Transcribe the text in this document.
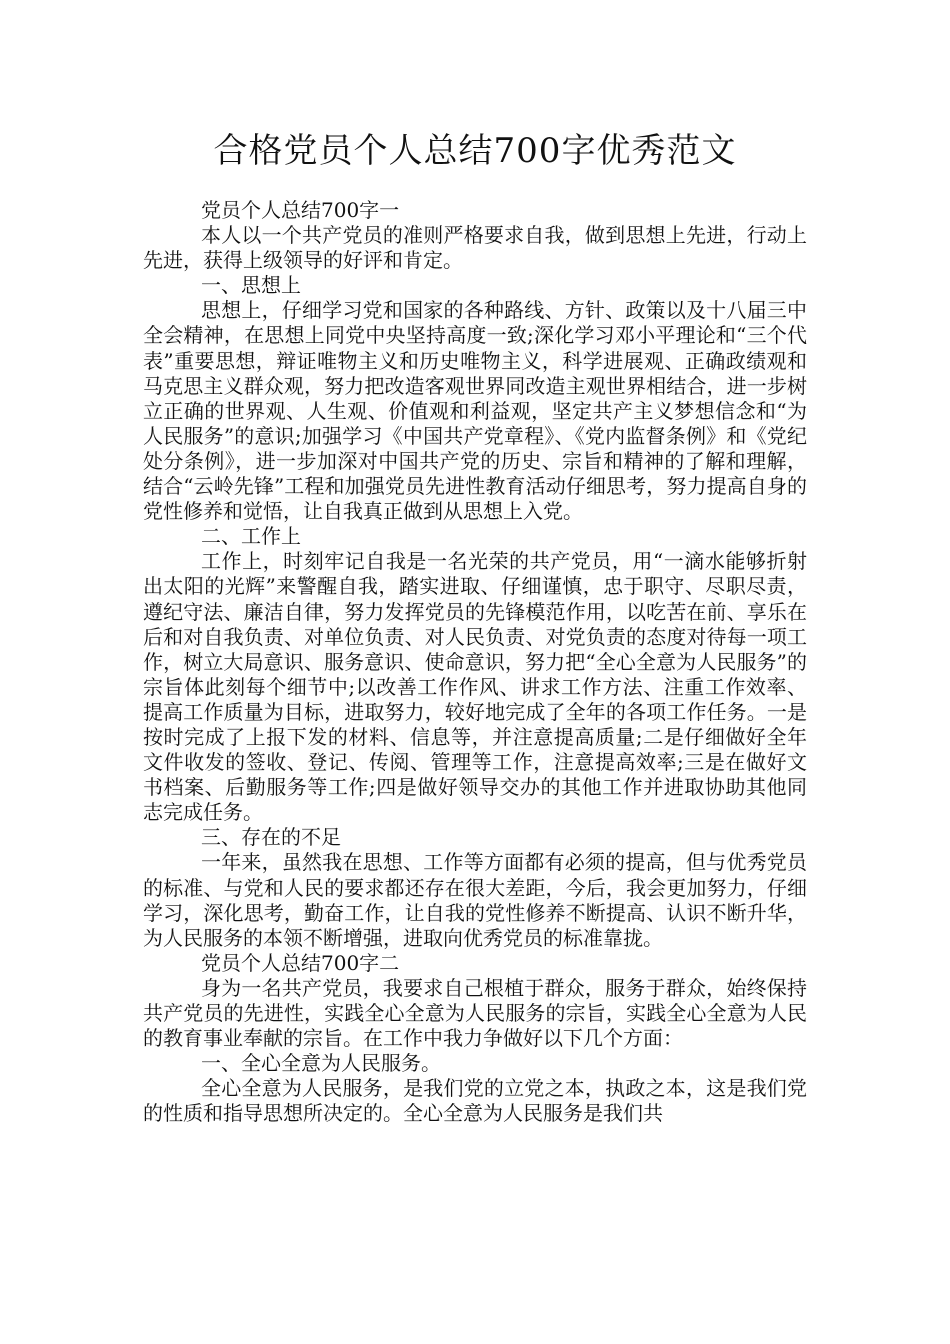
合格党员个人总结700字优秀范文

党员个人总结700字一

本人以一个共产党员的准则严格要求自我，做到思想上先进，行动上先进，获得上级领导的好评和肯定。

一、思想上

思想上，仔细学习党和国家的各种路线、方针、政策以及十八届三中全会精神，在思想上同党中央坚持高度一致;深化学习邓小平理论和“三个代表”重要思想，辩证唯物主义和历史唯物主义，科学进展观、正确政绩观和马克思主义群众观，努力把改造客观世界同改造主观世界相结合，进一步树立正确的世界观、人生观、价值观和利益观，坚定共产主义梦想信念和“为人民服务”的意识;加强学习《中国共产党章程》、《党内监督条例》和《党纪处分条例》，进一步加深对中国共产党的历史、宗旨和精神的了解和理解，结合“云岭先锋”工程和加强党员先进性教育活动仔细思考，努力提高自身的党性修养和觉悟，让自我真正做到从思想上入党。

二、工作上

工作上，时刻牢记自我是一名光荣的共产党员，用“一滴水能够折射出太阳的光辉”来警醒自我，踏实进取、仔细谨慎，忠于职守、尽职尽责，遵纪守法、廉洁自律，努力发挥党员的先锋模范作用，以吃苦在前、享乐在后和对自我负责、对单位负责、对人民负责、对党负责的态度对待每一项工作，树立大局意识、服务意识、使命意识，努力把“全心全意为人民服务”的宗旨体此刻每个细节中;以改善工作作风、讲求工作方法、注重工作效率、提高工作质量为目标，进取努力，较好地完成了全年的各项工作任务。一是按时完成了上报下发的材料、信息等，并注意提高质量;二是仔细做好全年文件收发的签收、登记、传阅、管理等工作，注意提高效率;三是在做好文书档案、后勤服务等工作;四是做好领导交办的其他工作并进取协助其他同志完成任务。

三、存在的不足

一年来，虽然我在思想、工作等方面都有必须的提高，但与优秀党员的标准、与党和人民的要求都还存在很大差距，今后，我会更加努力，仔细学习，深化思考，勤奋工作，让自我的党性修养不断提高、认识不断升华，为人民服务的本领不断增强，进取向优秀党员的标准靠拢。

党员个人总结700字二

身为一名共产党员，我要求自己根植于群众，服务于群众，始终保持共产党员的先进性，实践全心全意为人民服务的宗旨，实践全心全意为人民的教育事业奉献的宗旨。在工作中我力争做好以下几个方面：

一、全心全意为人民服务。

全心全意为人民服务，是我们党的立党之本，执政之本，这是我们党的性质和指导思想所决定的。全心全意为人民服务是我们共
